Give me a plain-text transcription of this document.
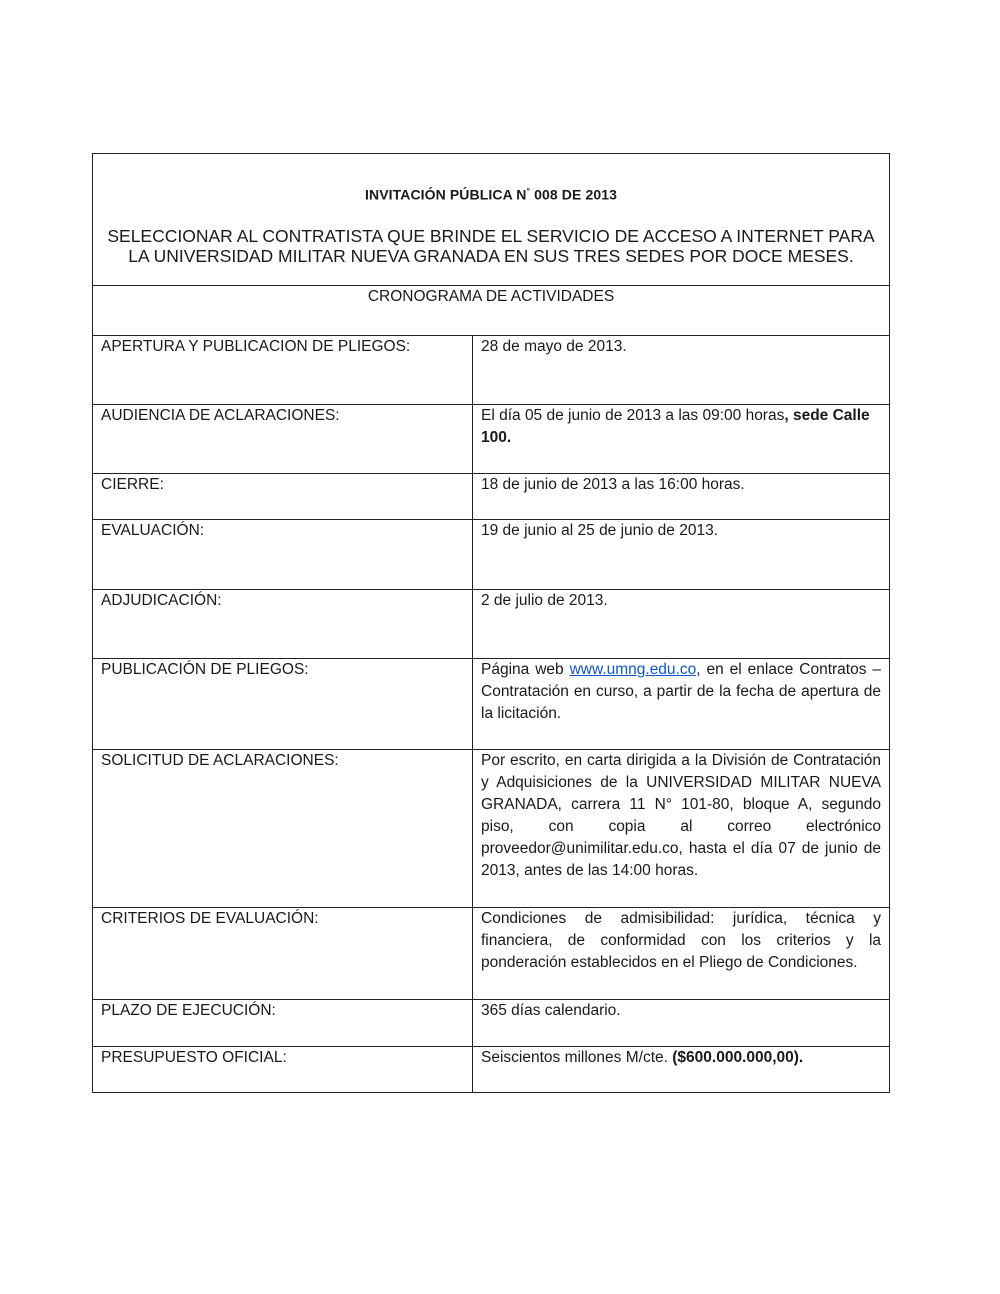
INVITACIÓN PÚBLICA N° 008 DE 2013
SELECCIONAR AL CONTRATISTA QUE BRINDE EL SERVICIO DE ACCESO A INTERNET PARA LA UNIVERSIDAD MILITAR NUEVA GRANADA EN SUS TRES SEDES POR DOCE MESES.	

CRONOGRAMA DE ACTIVIDADES	
APERTURA Y PUBLICACION DE PLIEGOS:	28 de mayo de 2013.
AUDIENCIA DE ACLARACIONES:	El día 05 de junio de 2013 a las 09:00 horas, sede Calle 100.
CIERRE:	18 de junio de 2013 a las 16:00 horas.
EVALUACIÓN:	19 de junio al 25 de junio de 2013.
ADJUDICACIÓN:	2 de julio de 2013.
PUBLICACIÓN DE PLIEGOS:	Página web www.umng.edu.co, en el enlace Contratos – Contratación en curso, a partir de la fecha de apertura de la licitación.
SOLICITUD DE ACLARACIONES:	Por escrito, en carta dirigida a la División de Contratación y Adquisiciones de la UNIVERSIDAD MILITAR NUEVA GRANADA, carrera 11 N° 101-80, bloque A, segundo piso, con copia al correo electrónico proveedor@unimilitar.edu.co, hasta el día 07 de junio de 2013, antes de las 14:00 horas.
CRITERIOS DE EVALUACIÓN:	Condiciones de admisibilidad: jurídica, técnica y financiera, de conformidad con los criterios y la ponderación establecidos en el Pliego de Condiciones.
PLAZO DE EJECUCIÓN:	365 días calendario.
PRESUPUESTO OFICIAL:	Seiscientos millones M/cte. ($600.000.000,00).
